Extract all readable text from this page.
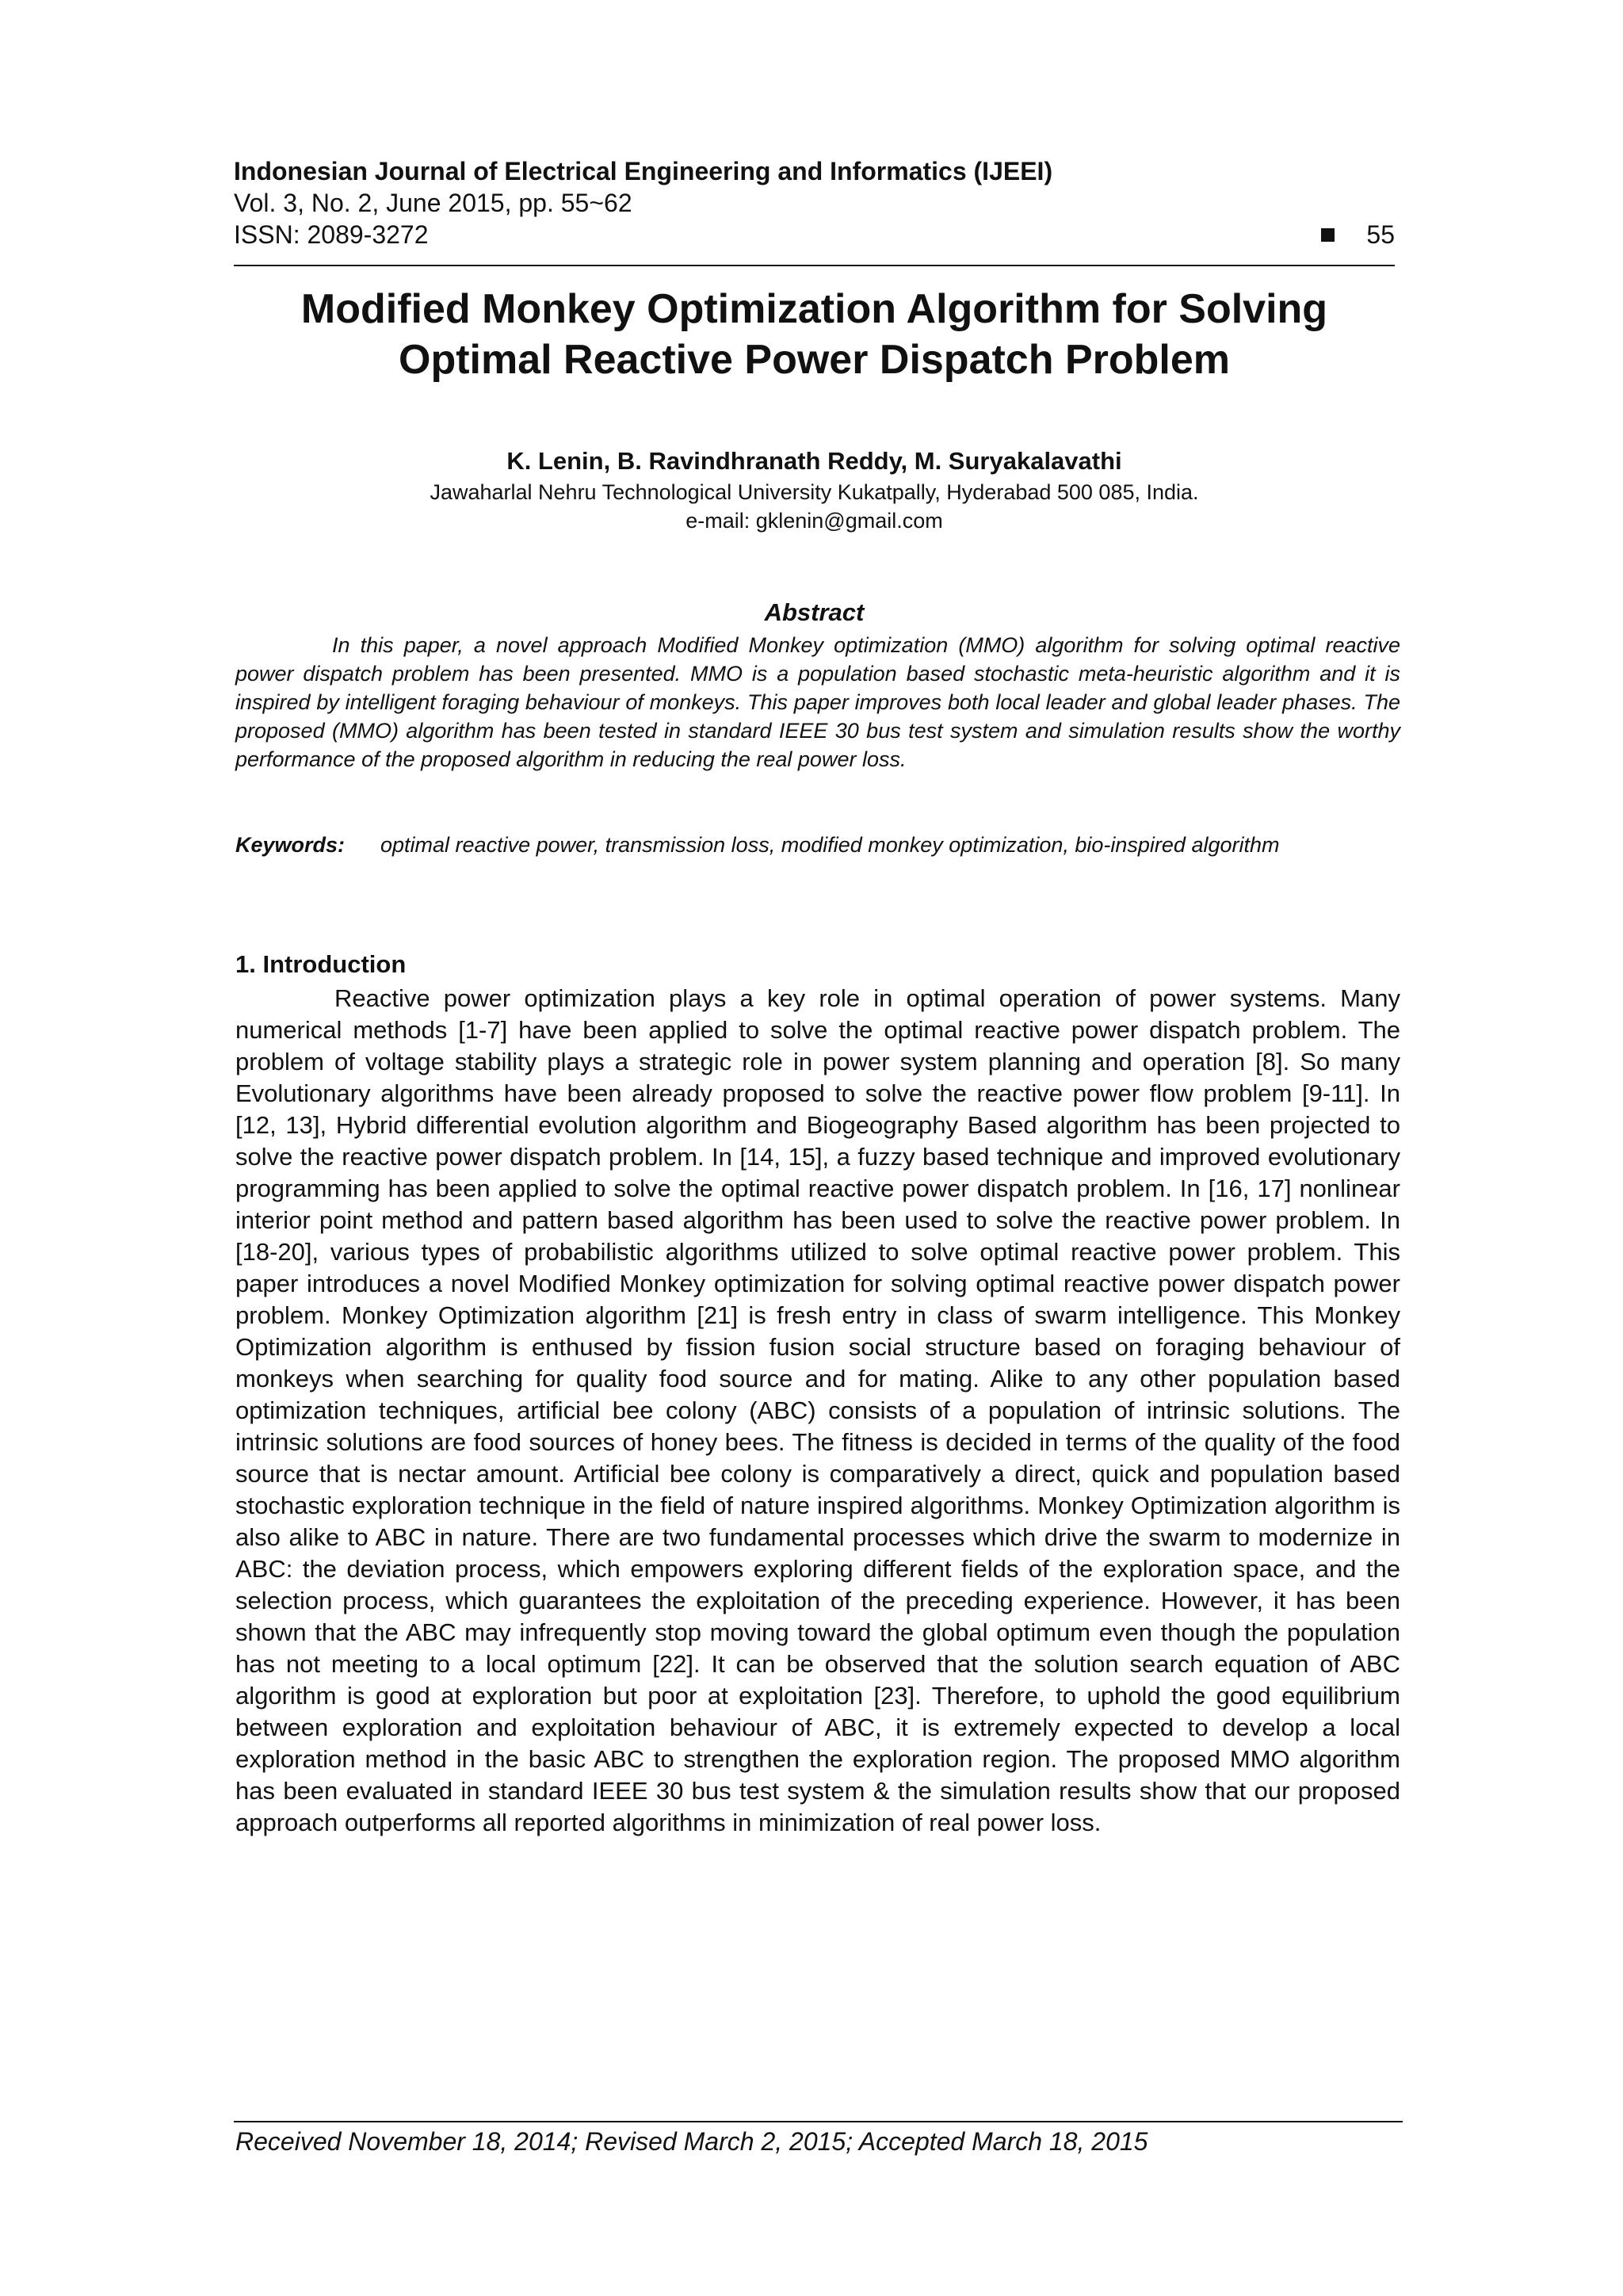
Indonesian Journal of Electrical Engineering and Informatics (IJEEI)
Vol. 3, No. 2, June 2015, pp. 55~62
ISSN: 2089-3272	55
Modified Monkey Optimization Algorithm for Solving
Optimal Reactive Power Dispatch Problem
K. Lenin, B. Ravindhranath Reddy, M. Suryakalavathi
Jawaharlal Nehru Technological University Kukatpally, Hyderabad 500 085, India.
e-mail: gklenin@gmail.com
Abstract

In this paper, a novel approach Modified Monkey optimization (MMO) algorithm for solving optimal reactive power dispatch problem has been presented. MMO is a population based stochastic meta-heuristic algorithm and it is inspired by intelligent foraging behaviour of monkeys. This paper improves both local leader and global leader phases. The proposed (MMO) algorithm has been tested in standard IEEE 30 bus test system and simulation results show the worthy performance of the proposed algorithm in reducing the real power loss.

Keywords: optimal reactive power, transmission loss, modified monkey optimization, bio-inspired algorithm
1. Introduction

Reactive power optimization plays a key role in optimal operation of power systems. Many numerical methods [1-7] have been applied to solve the optimal reactive power dispatch problem. The problem of voltage stability plays a strategic role in power system planning and operation [8]. So many Evolutionary algorithms have been already proposed to solve the reactive power flow problem [9-11]. In [12, 13], Hybrid differential evolution algorithm and Biogeography Based algorithm has been projected to solve the reactive power dispatch problem. In [14, 15], a fuzzy based technique and improved evolutionary programming has been applied to solve the optimal reactive power dispatch problem. In [16, 17] nonlinear interior point method and pattern based algorithm has been used to solve the reactive power problem. In [18-20], various types of probabilistic algorithms utilized to solve optimal reactive power problem. This paper introduces a novel Modified Monkey optimization for solving optimal reactive power dispatch power problem. Monkey Optimization algorithm [21] is fresh entry in class of swarm intelligence. This Monkey Optimization algorithm is enthused by fission fusion social structure based on foraging behaviour of monkeys when searching for quality food source and for mating. Alike to any other population based optimization techniques, artificial bee colony (ABC) consists of a population of intrinsic solutions. The intrinsic solutions are food sources of honey bees. The fitness is decided in terms of the quality of the food source that is nectar amount. Artificial bee colony is comparatively a direct, quick and population based stochastic exploration technique in the field of nature inspired algorithms. Monkey Optimization algorithm is also alike to ABC in nature. There are two fundamental processes which drive the swarm to modernize in ABC: the deviation process, which empowers exploring different fields of the exploration space, and the selection process, which guarantees the exploitation of the preceding experience. However, it has been shown that the ABC may infrequently stop moving toward the global optimum even though the population has not meeting to a local optimum [22]. It can be observed that the solution search equation of ABC algorithm is good at exploration but poor at exploitation [23]. Therefore, to uphold the good equilibrium between exploration and exploitation behaviour of ABC, it is extremely expected to develop a local exploration method in the basic ABC to strengthen the exploration region. The proposed MMO algorithm has been evaluated in standard IEEE 30 bus test system & the simulation results show that our proposed approach outperforms all reported algorithms in minimization of real power loss.

Received November 18, 2014; Revised March 2, 2015; Accepted March 18, 2015
